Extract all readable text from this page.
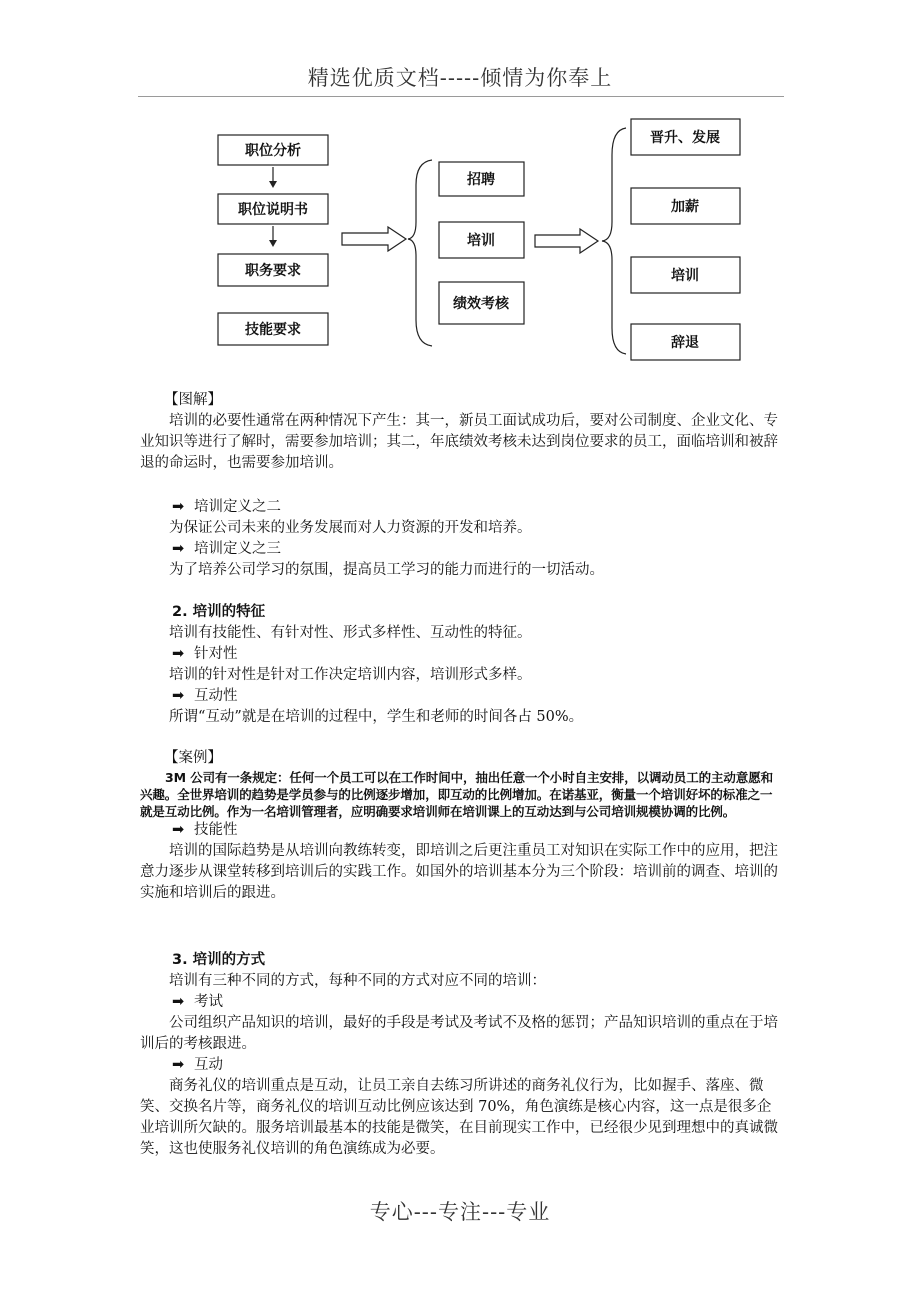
精选优质文档-----倾情为你奉上
职位分析
职位说明书
职务要求
技能要求
招聘
培训
绩效考核
晋升、发展
加薪
培训
辞退

【图解】

培训的必要性通常在两种情况下产生：其一，新员工面试成功后，要对公司制度、企业文化、专业知识等进行了解时，需要参加培训；其二，年底绩效考核未达到岗位要求的员工，面临培训和被辞退的命运时，也需要参加培训。

➡ 培训定义之二

为保证公司未来的业务发展而对人力资源的开发和培养。

➡ 培训定义之三

为了培养公司学习的氛围，提高员工学习的能力而进行的一切活动。

2. 培训的特征

培训有技能性、有针对性、形式多样性、互动性的特征。

➡ 针对性

培训的针对性是针对工作决定培训内容，培训形式多样。

➡ 互动性

所谓“互动”就是在培训的过程中，学生和老师的时间各占 50%。

【案例】

3M 公司有一条规定：任何一个员工可以在工作时间中，抽出任意一个小时自主安排，以调动员工的主动意愿和兴趣。全世界培训的趋势是学员参与的比例逐步增加，即互动的比例增加。在诺基亚，衡量一个培训好坏的标准之一就是互动比例。作为一名培训管理者，应明确要求培训师在培训课上的互动达到与公司培训规模协调的比例。

➡ 技能性

培训的国际趋势是从培训向教练转变，即培训之后更注重员工对知识在实际工作中的应用，把注意力逐步从课堂转移到培训后的实践工作。如国外的培训基本分为三个阶段：培训前的调查、培训的实施和培训后的跟进。

3. 培训的方式

培训有三种不同的方式，每种不同的方式对应不同的培训：

➡ 考试

公司组织产品知识的培训，最好的手段是考试及考试不及格的惩罚；产品知识培训的重点在于培训后的考核跟进。

➡ 互动

商务礼仪的培训重点是互动，让员工亲自去练习所讲述的商务礼仪行为，比如握手、落座、微笑、交换名片等，商务礼仪的培训互动比例应该达到 70%，角色演练是核心内容，这一点是很多企业培训所欠缺的。服务培训最基本的技能是微笑，在目前现实工作中，已经很少见到理想中的真诚微笑，这也使服务礼仪培训的角色演练成为必要。

专心---专注---专业
